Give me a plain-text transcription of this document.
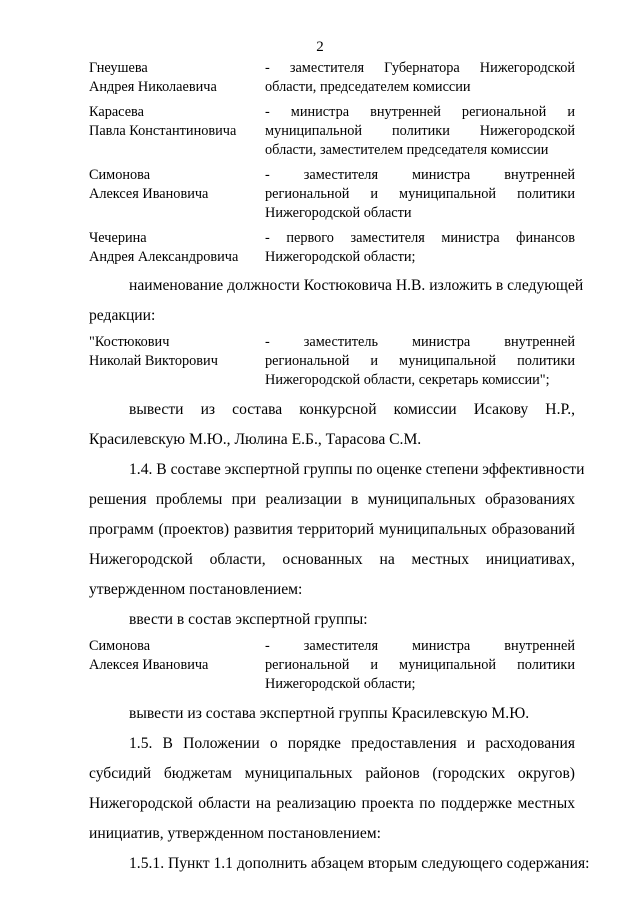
2
Гнеушева
Андрея Николаевича
- заместителя Губернатора Нижегородской
области, председателем комиссии
Карасева
Павла Константиновича
- министра внутренней региональной и
муниципальной политики Нижегородской
области, заместителем председателя комиссии
Симонова
Алексея Ивановича
- заместителя министра внутренней
региональной и муниципальной политики
Нижегородской области
Чечерина
Андрея Александровича
- первого заместителя министра финансов
Нижегородской области;
наименование должности Костюковича Н.В. изложить в следующей
редакции:
"Костюкович
Николай Викторович
- заместитель министра внутренней
региональной и муниципальной политики
Нижегородской области, секретарь комиссии";
вывести из состава конкурсной комиссии Исакову Н.Р.,
Красилевскую М.Ю., Люлина Е.Б., Тарасова С.М.
1.4. В составе экспертной группы по оценке степени эффективности
решения проблемы при реализации в муниципальных образованиях
программ (проектов) развития территорий муниципальных образований
Нижегородской области, основанных на местных инициативах,
утвержденном постановлением:
ввести в состав экспертной группы:
Симонова
Алексея Ивановича
- заместителя министра внутренней
региональной и муниципальной политики
Нижегородской области;
вывести из состава экспертной группы Красилевскую М.Ю.
1.5. В Положении о порядке предоставления и расходования
субсидий бюджетам муниципальных районов (городских округов)
Нижегородской области на реализацию проекта по поддержке местных
инициатив, утвержденном постановлением:
1.5.1. Пункт 1.1 дополнить абзацем вторым следующего содержания:
